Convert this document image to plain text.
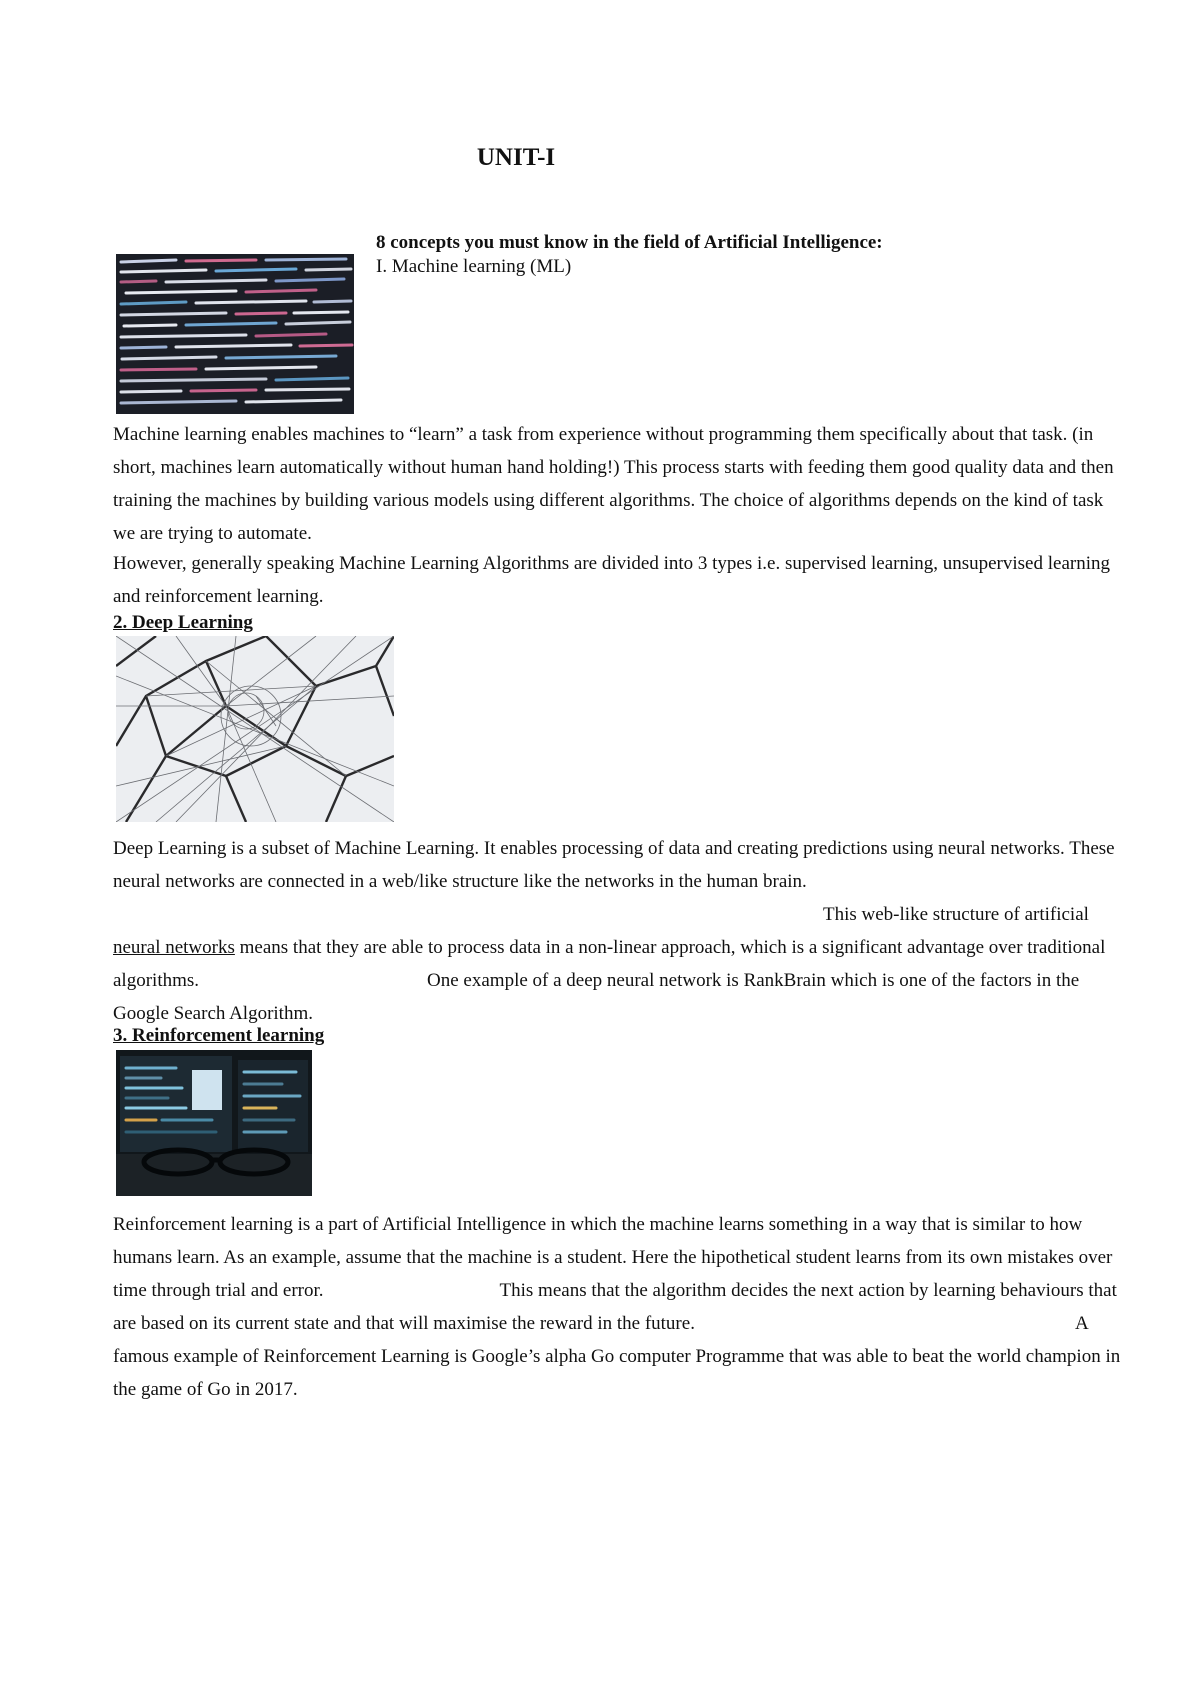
UNIT-I
8 concepts you must know in the field of Artificial Intelligence:
I. Machine learning (ML)

Machine learning enables machines to “learn” a task from experience without programming them specifically about that task. (in short, machines learn automatically without human hand holding!) This process starts with feeding them good quality data and then training the machines by building various models using different algorithms. The choice of algorithms depends on the kind of task we are trying to automate.

However, generally speaking Machine Learning Algorithms are divided into 3 types i.e. supervised learning, unsupervised learning and reinforcement learning.

2. Deep Learning

Deep Learning is a subset of Machine Learning. It enables processing of data and creating predictions using neural networks. These neural networks are connected in a web/like structure like the networks in the human brain.This web-like structure of artificial neural networks means that they are able to process data in a non-linear approach, which is a significant advantage over traditional algorithms.	One example of a deep neural network is RankBrain which is one of the factors in the Google Search Algorithm.

3. Reinforcement learning

Reinforcement learning is a part of Artificial Intelligence in which the machine learns something in a way that is similar to how humans learn. As an example, assume that the machine is a student. Here the hipothetical student learns from its own mistakes over time through trial and error.	This means that the algorithm decides the next action by learning behaviours that are based on its current state and that will maximise the reward in the future.	A famous example of Reinforcement Learning is Google’s alpha Go computer Programme that was able to beat the world champion in the game of Go in 2017.
